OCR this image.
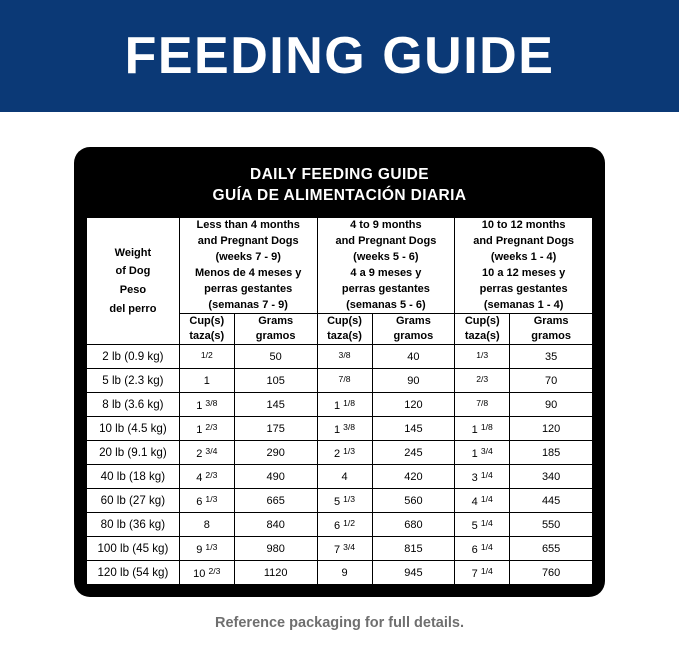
FEEDING GUIDE
DAILY FEEDING GUIDE
GUÍA DE ALIMENTACIÓN DIARIA
Weight
of Dog
Peso
del perro

Less than 4 months
and Pregnant Dogs
(weeks 7 - 9)
Menos de 4 meses y
perras gestantes
(semanas 7 - 9)

4 to 9 months
and Pregnant Dogs
(weeks 5 - 6)
4 a 9 meses y
perras gestantes
(semanas 5 - 6)

10 to 12 months
and Pregnant Dogs
(weeks 1 - 4)
10 a 12 meses y
perras gestantes
(semanas 1 - 4)

Cup(s)
taza(s)

Grams
gramos

Cup(s)
taza(s)

Grams
gramos

Cup(s)
taza(s)

Grams
gramos

2 lb (0.9 kg)	$^{1/2}$	50	$^{3/8}$	40	$^{1/3}$	35
5 lb (2.3 kg)	1	105	$^{7/8}$	90	$^{2/3}$	70
8 lb (3.6 kg)	1 $^{3/8}$	145	1 $^{1/8}$	120	$^{7/8}$	90
10 lb (4.5 kg)	1 $^{2/3}$	175	1 $^{3/8}$	145	1 $^{1/8}$	120
20 lb (9.1 kg)	2 $^{3/4}$	290	2 $^{1/3}$	245	1 $^{3/4}$	185
40 lb (18 kg)	4 $^{2/3}$	490	4	420	3 $^{1/4}$	340
60 lb (27 kg)	6 $^{1/3}$	665	5 $^{1/3}$	560	4 $^{1/4}$	445
80 lb (36 kg)	8	840	6 $^{1/2}$	680	5 $^{1/4}$	550
100 lb (45 kg)	9 $^{1/3}$	980	7 $^{3/4}$	815	6 $^{1/4}$	655
120 lb (54 kg)	10 $^{2/3}$	1120	9	945	7 $^{1/4}$	760
Reference packaging for full details.
